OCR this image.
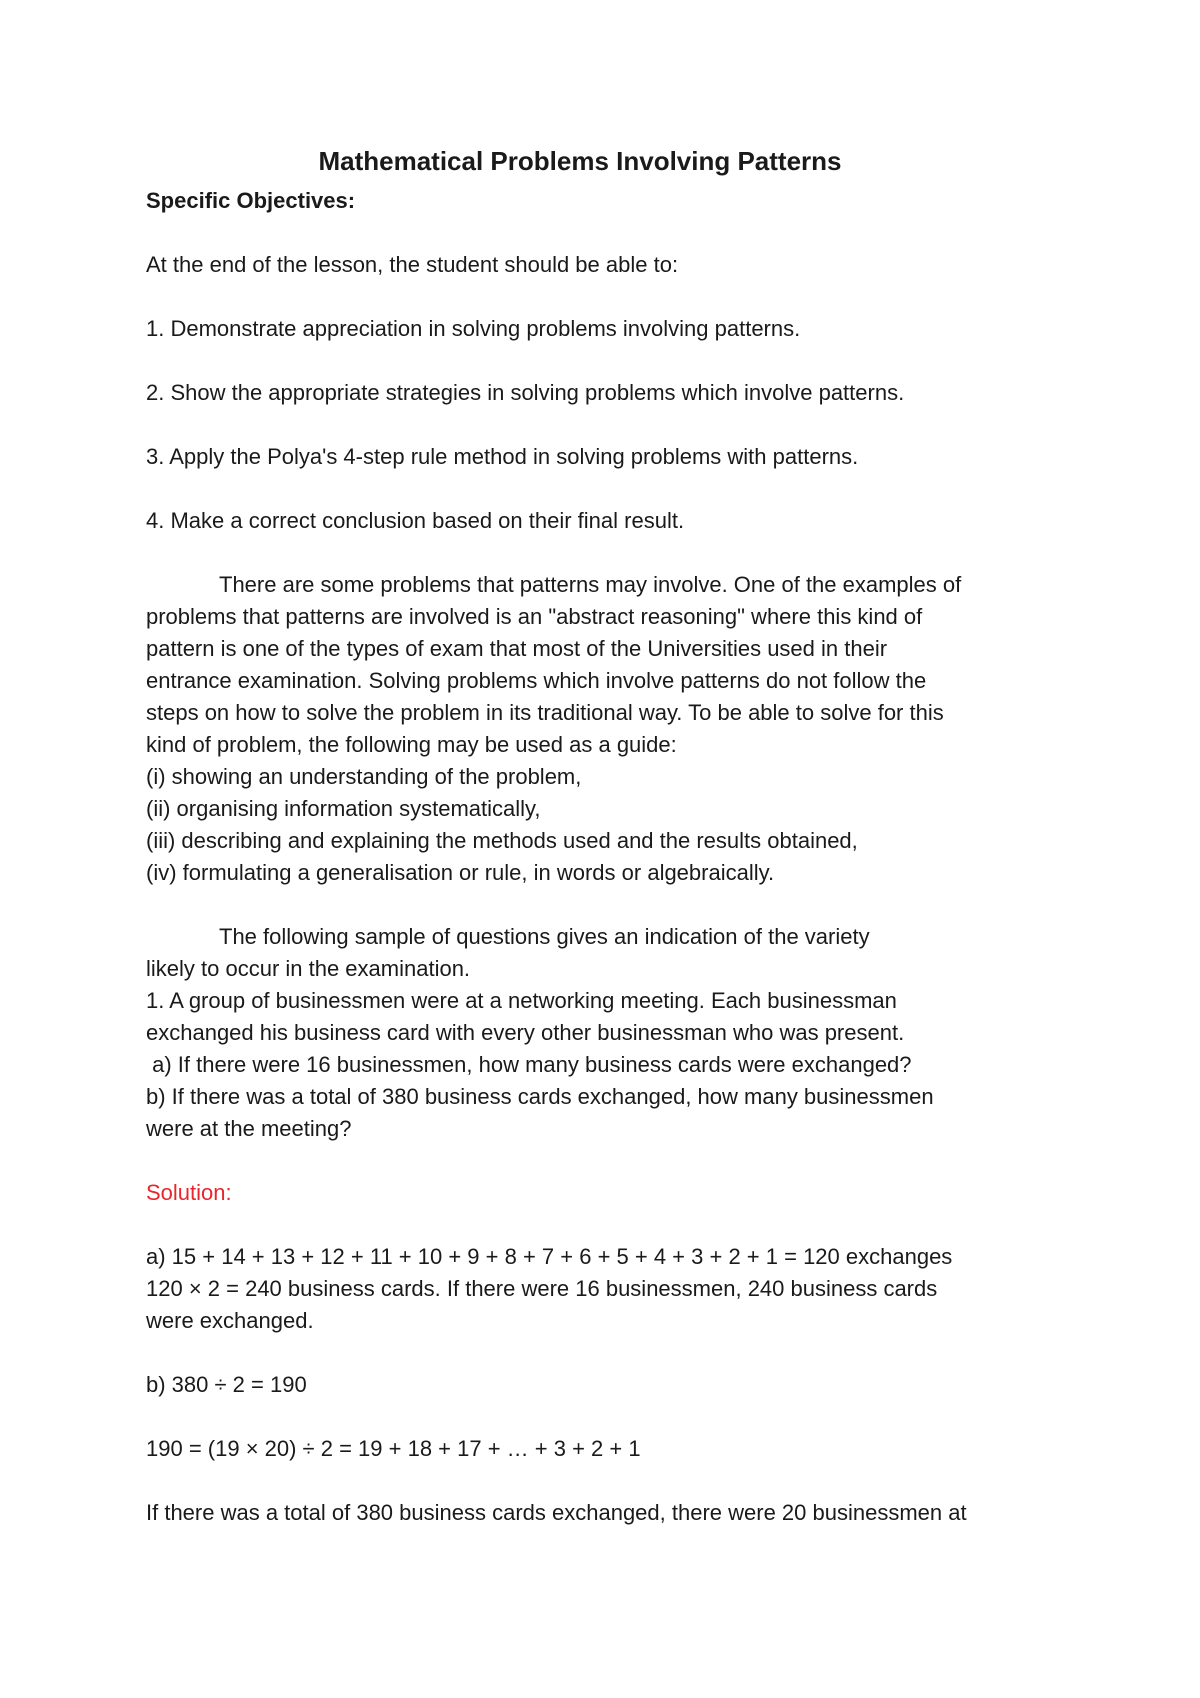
Mathematical Problems Involving Patterns
Specific Objectives:
At the end of the lesson, the student should be able to:
1. Demonstrate appreciation in solving problems involving patterns.
2. Show the appropriate strategies in solving problems which involve patterns.
3. Apply the Polya's 4-step rule method in solving problems with patterns.
4. Make a correct conclusion based on their final result.
There are some problems that patterns may involve. One of the examples of
problems that patterns are involved is an "abstract reasoning" where this kind of
pattern is one of the types of exam that most of the Universities used in their
entrance examination. Solving problems which involve patterns do not follow the
steps on how to solve the problem in its traditional way. To be able to solve for this
kind of problem, the following may be used as a guide:
(i) showing an understanding of the problem,
(ii) organising information systematically,
(iii) describing and explaining the methods used and the results obtained,
(iv) formulating a generalisation or rule, in words or algebraically.
The following sample of questions gives an indication of the variety
likely to occur in the examination.
1. A group of businessmen were at a networking meeting. Each businessman
exchanged his business card with every other businessman who was present.
a) If there were 16 businessmen, how many business cards were exchanged?
b) If there was a total of 380 business cards exchanged, how many businessmen
were at the meeting?
Solution:
a) 15 + 14 + 13 + 12 + 11 + 10 + 9 + 8 + 7 + 6 + 5 + 4 + 3 + 2 + 1 = 120 exchanges
120 × 2 = 240 business cards. If there were 16 businessmen, 240 business cards
were exchanged.
b) 380 ÷ 2 = 190
190 = (19 × 20) ÷ 2 = 19 + 18 + 17 + … + 3 + 2 + 1
If there was a total of 380 business cards exchanged, there were 20 businessmen at
